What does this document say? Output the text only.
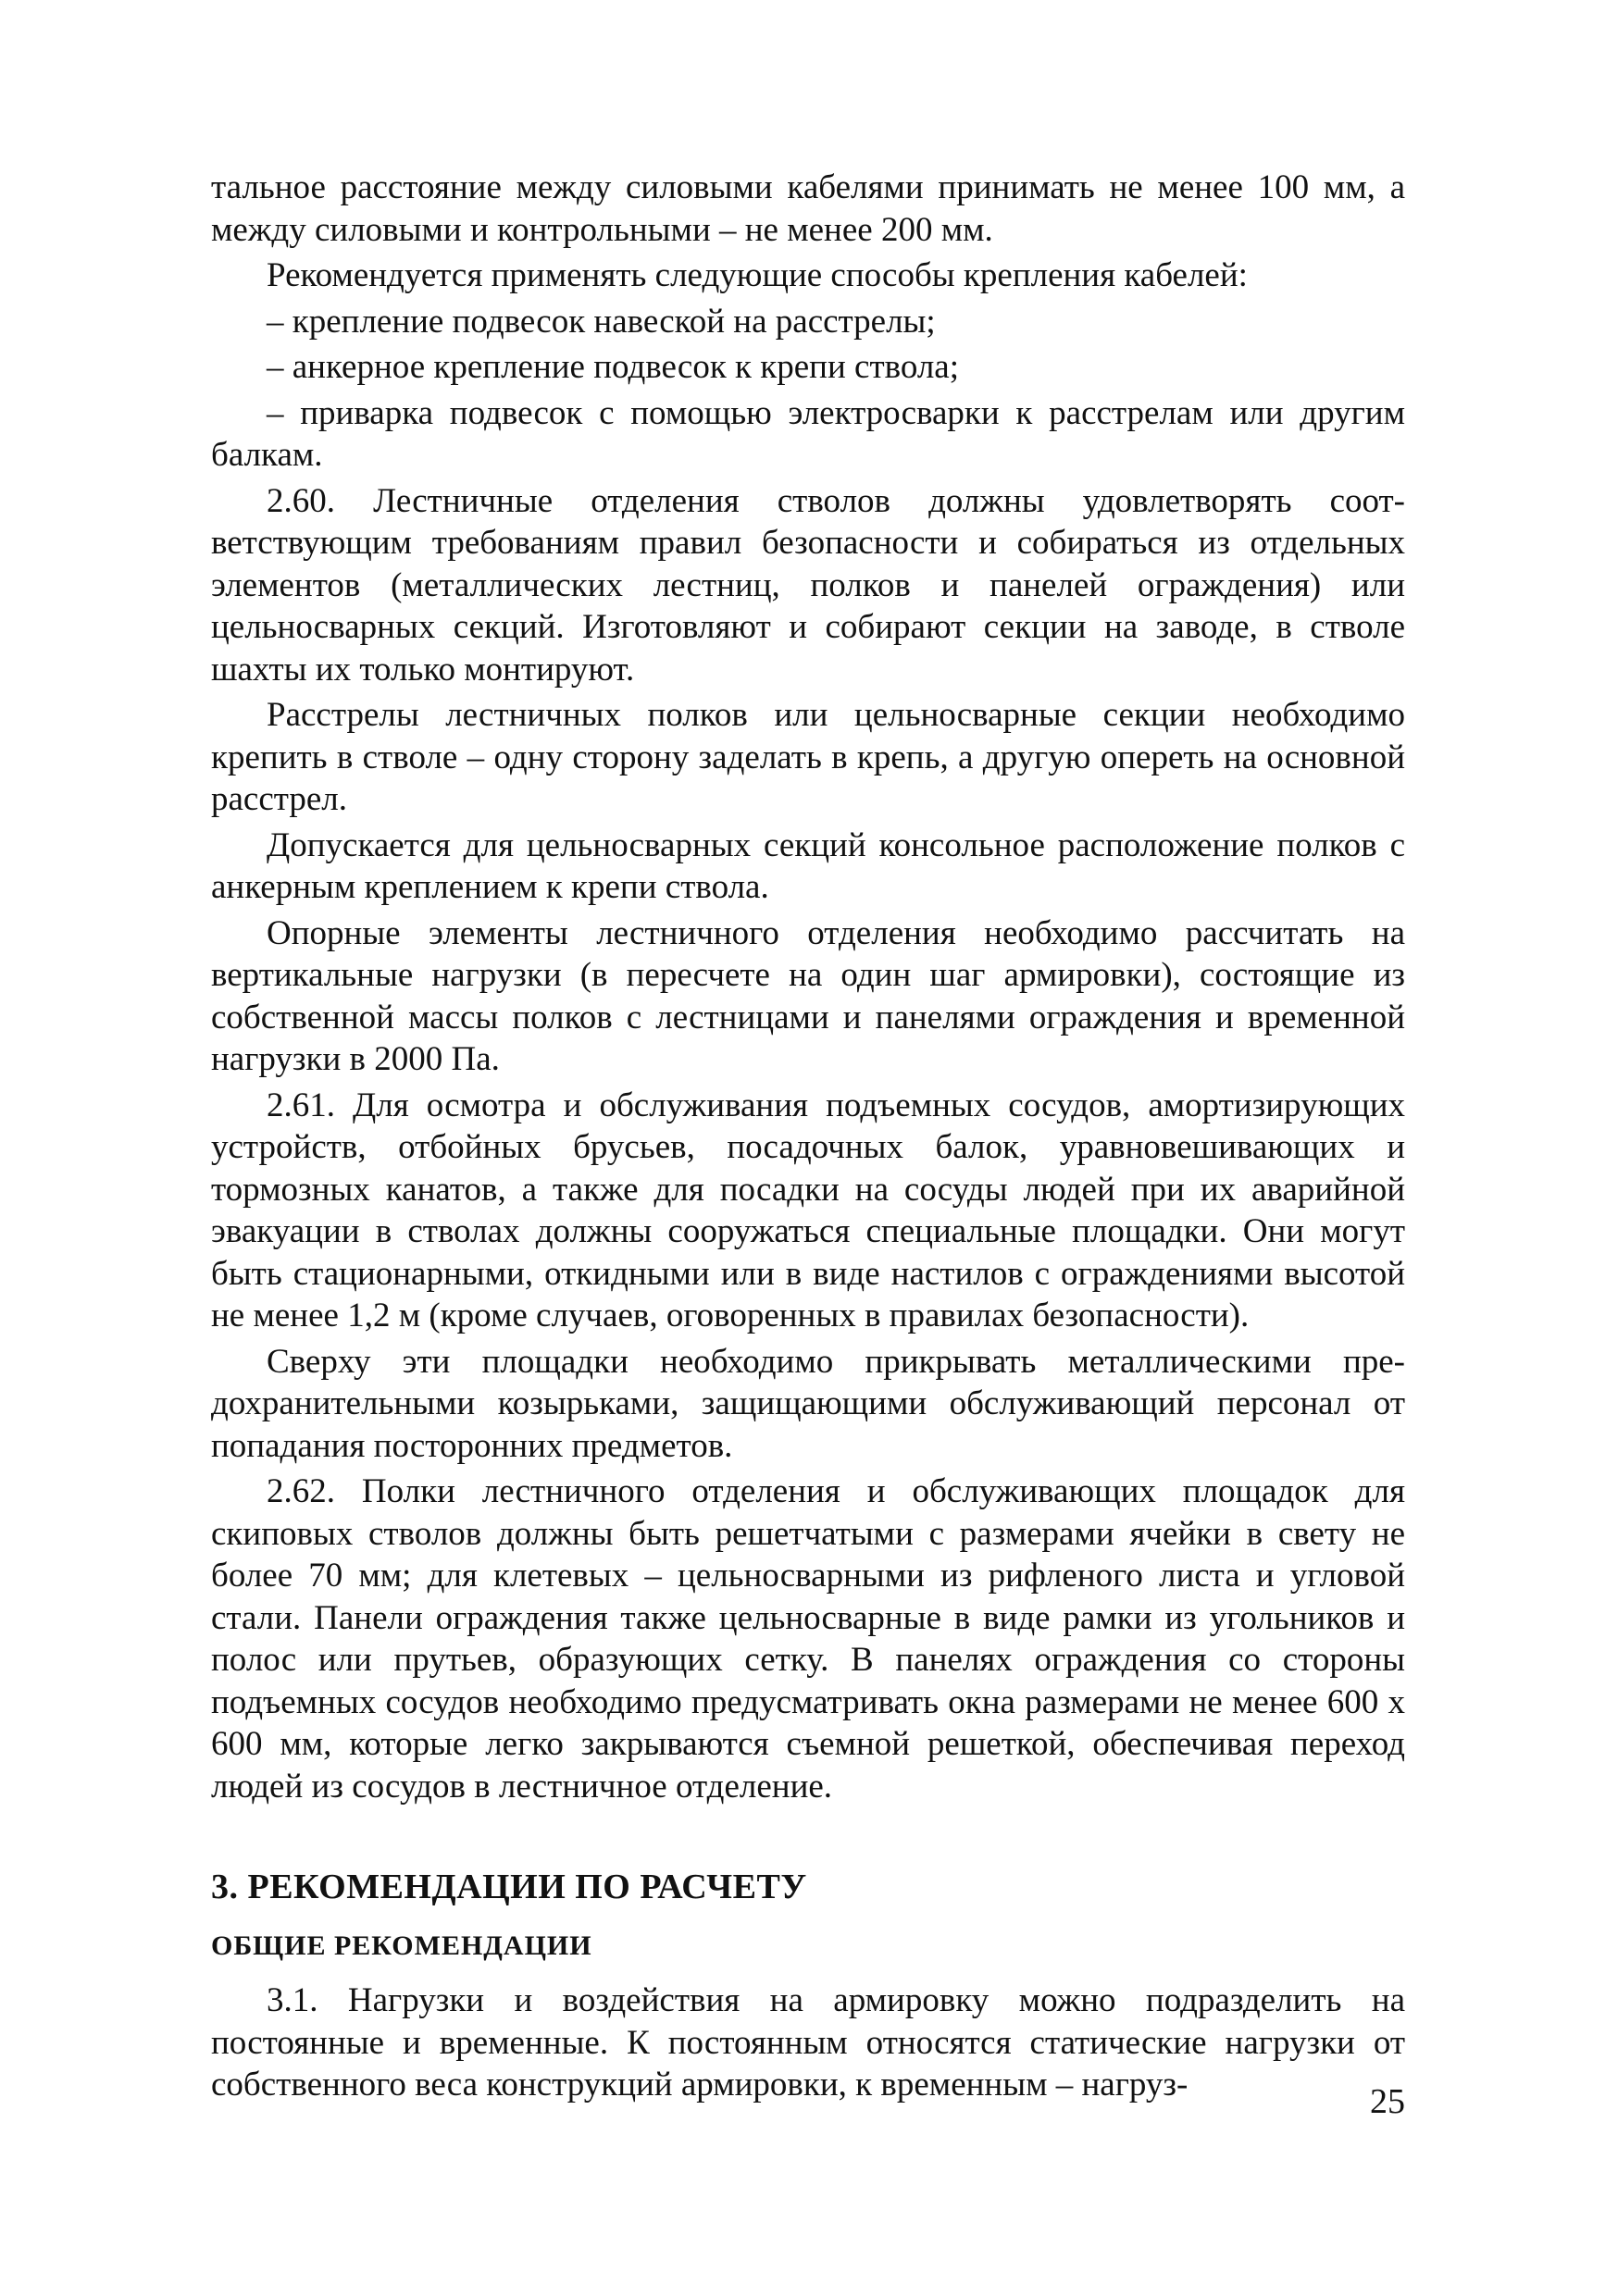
тальное расстояние между силовыми кабелями принимать не менее 100 мм, а между силовыми и контрольными – не менее 200 мм.

Рекомендуется применять следующие способы крепления кабелей:

– крепление подвесок навеской на расстрелы;

– анкерное крепление подвесок к крепи ствола;

– приварка подвесок с помощью электросварки к расстрелам или другим балкам.

2.60. Лестничные отделения стволов должны удовлетворять соответствующим требованиям правил безопасности и собираться из отдельных элементов (металлических лестниц, полков и панелей ограждения) или цельносварных секций. Изготовляют и собирают секции на заводе, в стволе шахты их только монтируют.

Расстрелы лестничных полков или цельносварные секции необходимо крепить в стволе – одну сторону заделать в крепь, а другую оперeть на основной расстрел.

Допускается для цельносварных секций консольное расположение полков с анкерным креплением к крепи ствола.

Опорные элементы лестничного отделения необходимо рассчитать на вертикальные нагрузки (в пересчете на один шаг армировки), состоящие из собственной массы полков с лестницами и панелями ограждения и временной нагрузки в 2000 Па.

2.61. Для осмотра и обслуживания подъемных сосудов, амортизирующих устройств, отбойных брусьев, посадочных балок, уравновешивающих и тормозных канатов, а также для посадки на сосуды людей при их аварийной эвакуации в стволах должны сооружаться специальные площадки. Они могут быть стационарными, откидными или в виде настилов с ограждениями высотой не менее 1,2 м (кроме случаев, оговоренных в правилах безопасности).

Сверху эти площадки необходимо прикрывать металлическими предохранительными козырьками, защищающими обслуживающий персонал от попадания посторонних предметов.

2.62. Полки лестничного отделения и обслуживающих площадок для скиповых стволов должны быть решетчатыми с размерами ячейки в свету не более 70 мм; для клетевых – цельносварными из рифленого листа и угловой стали. Панели ограждения также цельносварные в виде рамки из угольников и полос или прутьев, образующих сетку. В панелях ограждения со стороны подъемных сосудов необходимо предусматривать окна размерами не менее 600 х 600 мм, которые легко закрываются съемной решеткой, обеспечивая переход людей из сосудов в лестничное отделение.

3. РЕКОМЕНДАЦИИ ПО РАСЧЕТУ
ОБЩИЕ РЕКОМЕНДАЦИИ

3.1. Нагрузки и воздействия на армировку можно подразделить на постоянные и временные. К постоянным относятся статические нагрузки от собственного веса конструкций армировки, к временным – нагруз-	25
